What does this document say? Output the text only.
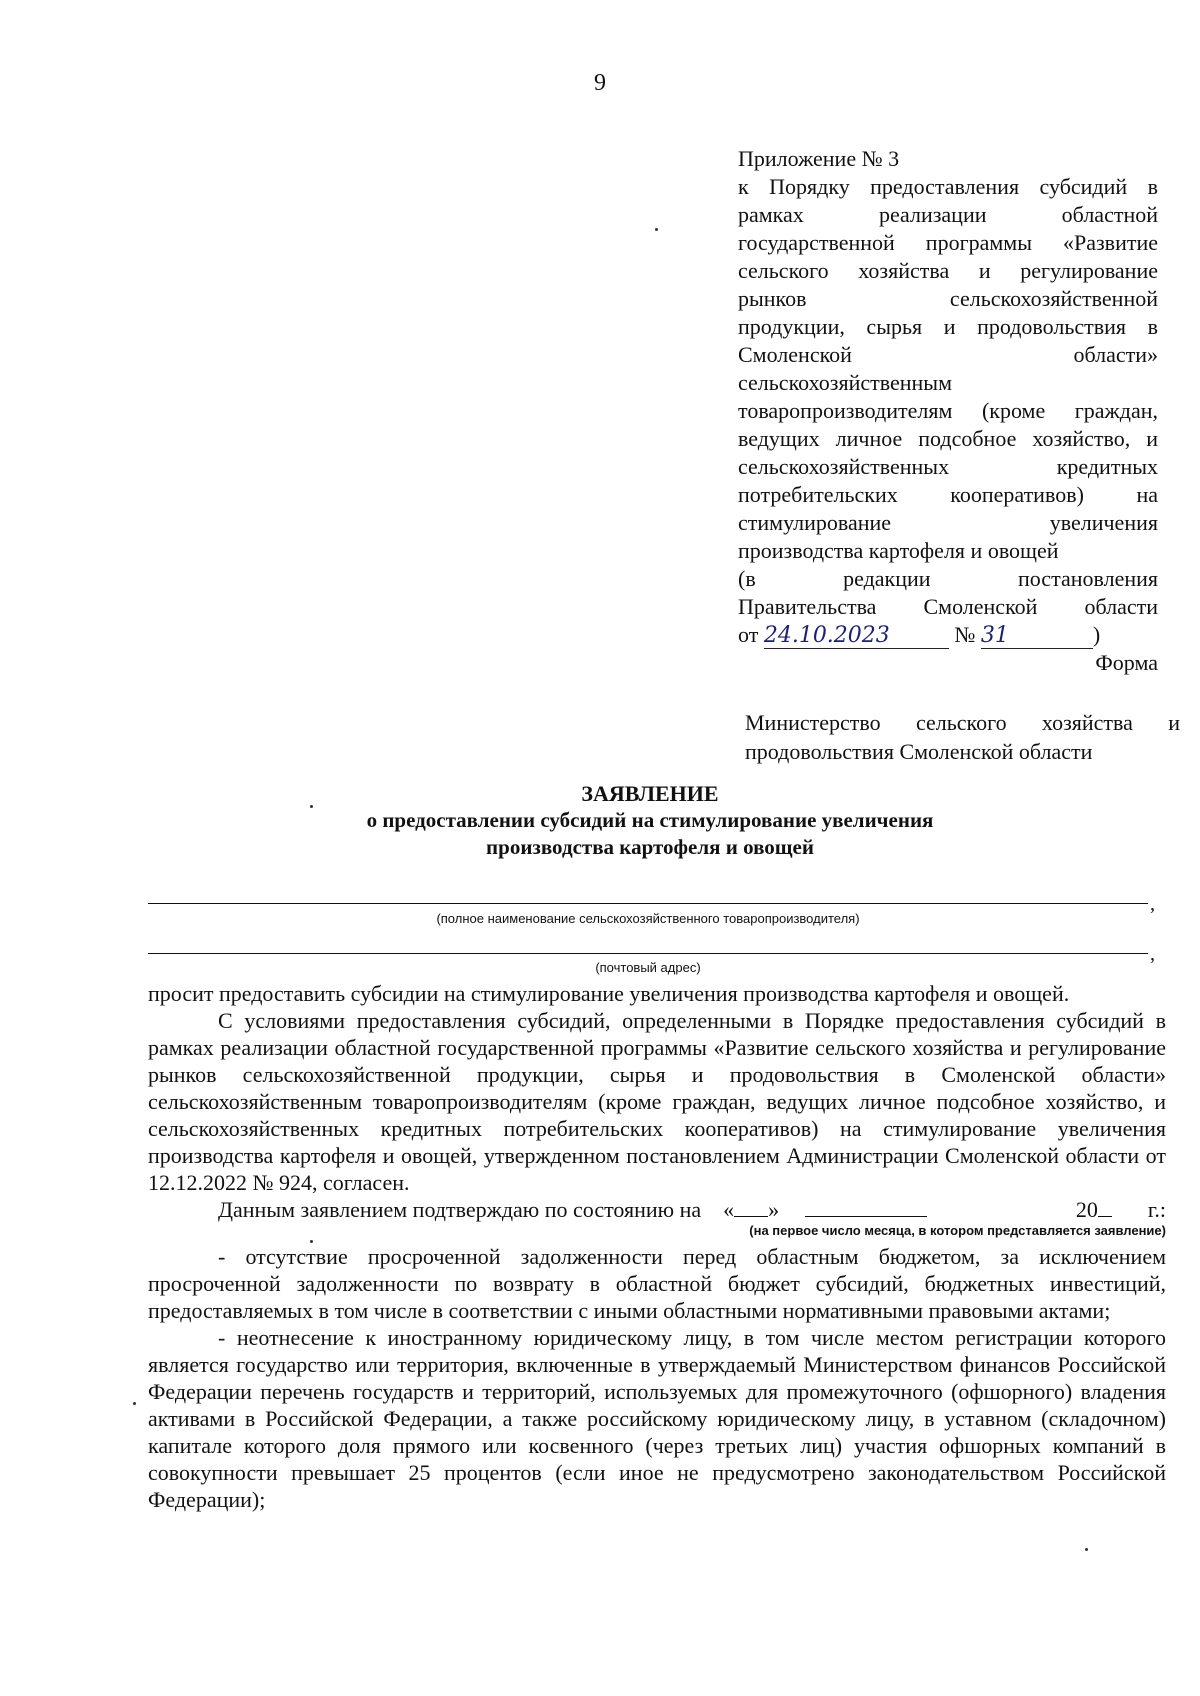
9
Приложение № 3
к Порядку предоставления субсидий в
рамках реализации областной
государственной программы «Развитие
сельского хозяйства и регулирование
рынков сельскохозяйственной
продукции, сырья и продовольствия в
Смоленской области»
сельскохозяйственным
товаропроизводителям (кроме граждан,
ведущих личное подсобное хозяйство, и
сельскохозяйственных кредитных
потребительских кооперативов) на
стимулирование увеличения
производства картофеля и овощей
(в редакции постановления
Правительства Смоленской области
от 24.10.2023	№ 31	)
Форма
Министерство сельского хозяйства и
продовольствия Смоленской области
ЗАЯВЛЕНИЕ
о предоставлении субсидий на стимулирование увеличения
производства картофеля и овощей
,
(полное наименование сельскохозяйственного товаропроизводителя)
,
(почтовый адрес)

просит предоставить субсидии на стимулирование увеличения производства картофеля и овощей.

С условиями предоставления субсидий, определенными в Порядке предоставления субсидий в рамках реализации областной государственной программы «Развитие сельского хозяйства и регулирование рынков сельскохозяйственной продукции, сырья и продовольствия в Смоленской области» сельскохозяйственным товаропроизводителям (кроме граждан, ведущих личное подсобное хозяйство, и сельскохозяйственных кредитных потребительских кооперативов) на стимулирование увеличения производства картофеля и овощей, утвержденном постановлением Администрации Смоленской области от 12.12.2022 № 924, согласен.

Данным заявлением подтверждаю по состоянию на « »	20 г.:
(на первое число месяца, в котором представляется заявление)

- отсутствие просроченной задолженности перед областным бюджетом, за исключением просроченной задолженности по возврату в областной бюджет субсидий, бюджетных инвестиций, предоставляемых в том числе в соответствии с иными областными нормативными правовыми актами;

- неотнесение к иностранному юридическому лицу, в том числе местом регистрации которого является государство или территория, включенные в утверждаемый Министерством финансов Российской Федерации перечень государств и территорий, используемых для промежуточного (офшорного) владения активами в Российской Федерации, а также российскому юридическому лицу, в уставном (складочном) капитале которого доля прямого или косвенного (через третьих лиц) участия офшорных компаний в совокупности превышает 25 процентов (если иное не предусмотрено законодательством Российской Федерации);
